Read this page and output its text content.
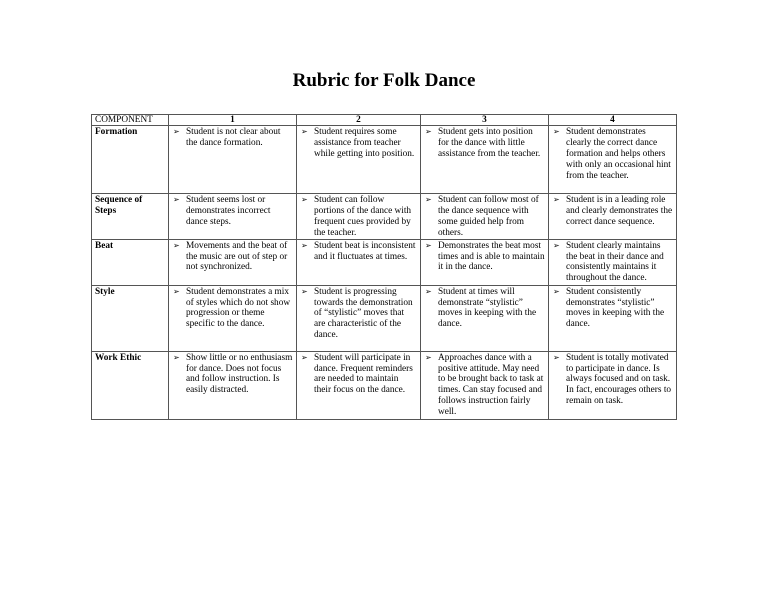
Rubric for Folk Dance
COMPONENT	1	2	3	4
Formation	➢ Student is not clear about the dance formation.	➢ Student requires some assistance from teacher while getting into position.	➢ Student gets into position for the dance with little assistance from the teacher.	➢ Student demonstrates clearly the correct dance formation and helps others with only an occasional hint from the teacher.

Sequence of Steps	➢ Student seems lost or demonstrates incorrect dance steps.	➢ Student can follow portions of the dance with frequent cues provided by the teacher.	➢ Student can follow most of the dance sequence with some guided help from others.	➢ Student is in a leading role and clearly demonstrates the correct dance sequence.

Beat	➢ Movements and the beat of the music are out of step or not synchronized.	➢ Student beat is inconsistent and it fluctuates at times.	➢ Demonstrates the beat most times and is able to maintain it in the dance.	➢ Student clearly maintains the beat in their dance and consistently maintains it throughout the dance.

Style	➢ Student demonstrates a mix of styles which do not show progression or theme specific to the dance.	➢ Student is progressing towards the demonstration of “stylistic” moves that are characteristic of the dance.	➢ Student at times will demonstrate “stylistic” moves in keeping with the dance.	➢ Student consistently demonstrates “stylistic” moves in keeping with the dance.

Work Ethic	➢ Show little or no enthusiasm for dance. Does not focus and follow instruction. Is easily distracted.	➢ Student will participate in dance. Frequent reminders are needed to maintain their focus on the dance.	➢ Approaches dance with a positive attitude. May need to be brought back to task at times. Can stay focused and follows instruction fairly well.	➢ Student is totally motivated to participate in dance. Is always focused and on task. In fact, encourages others to remain on task.
